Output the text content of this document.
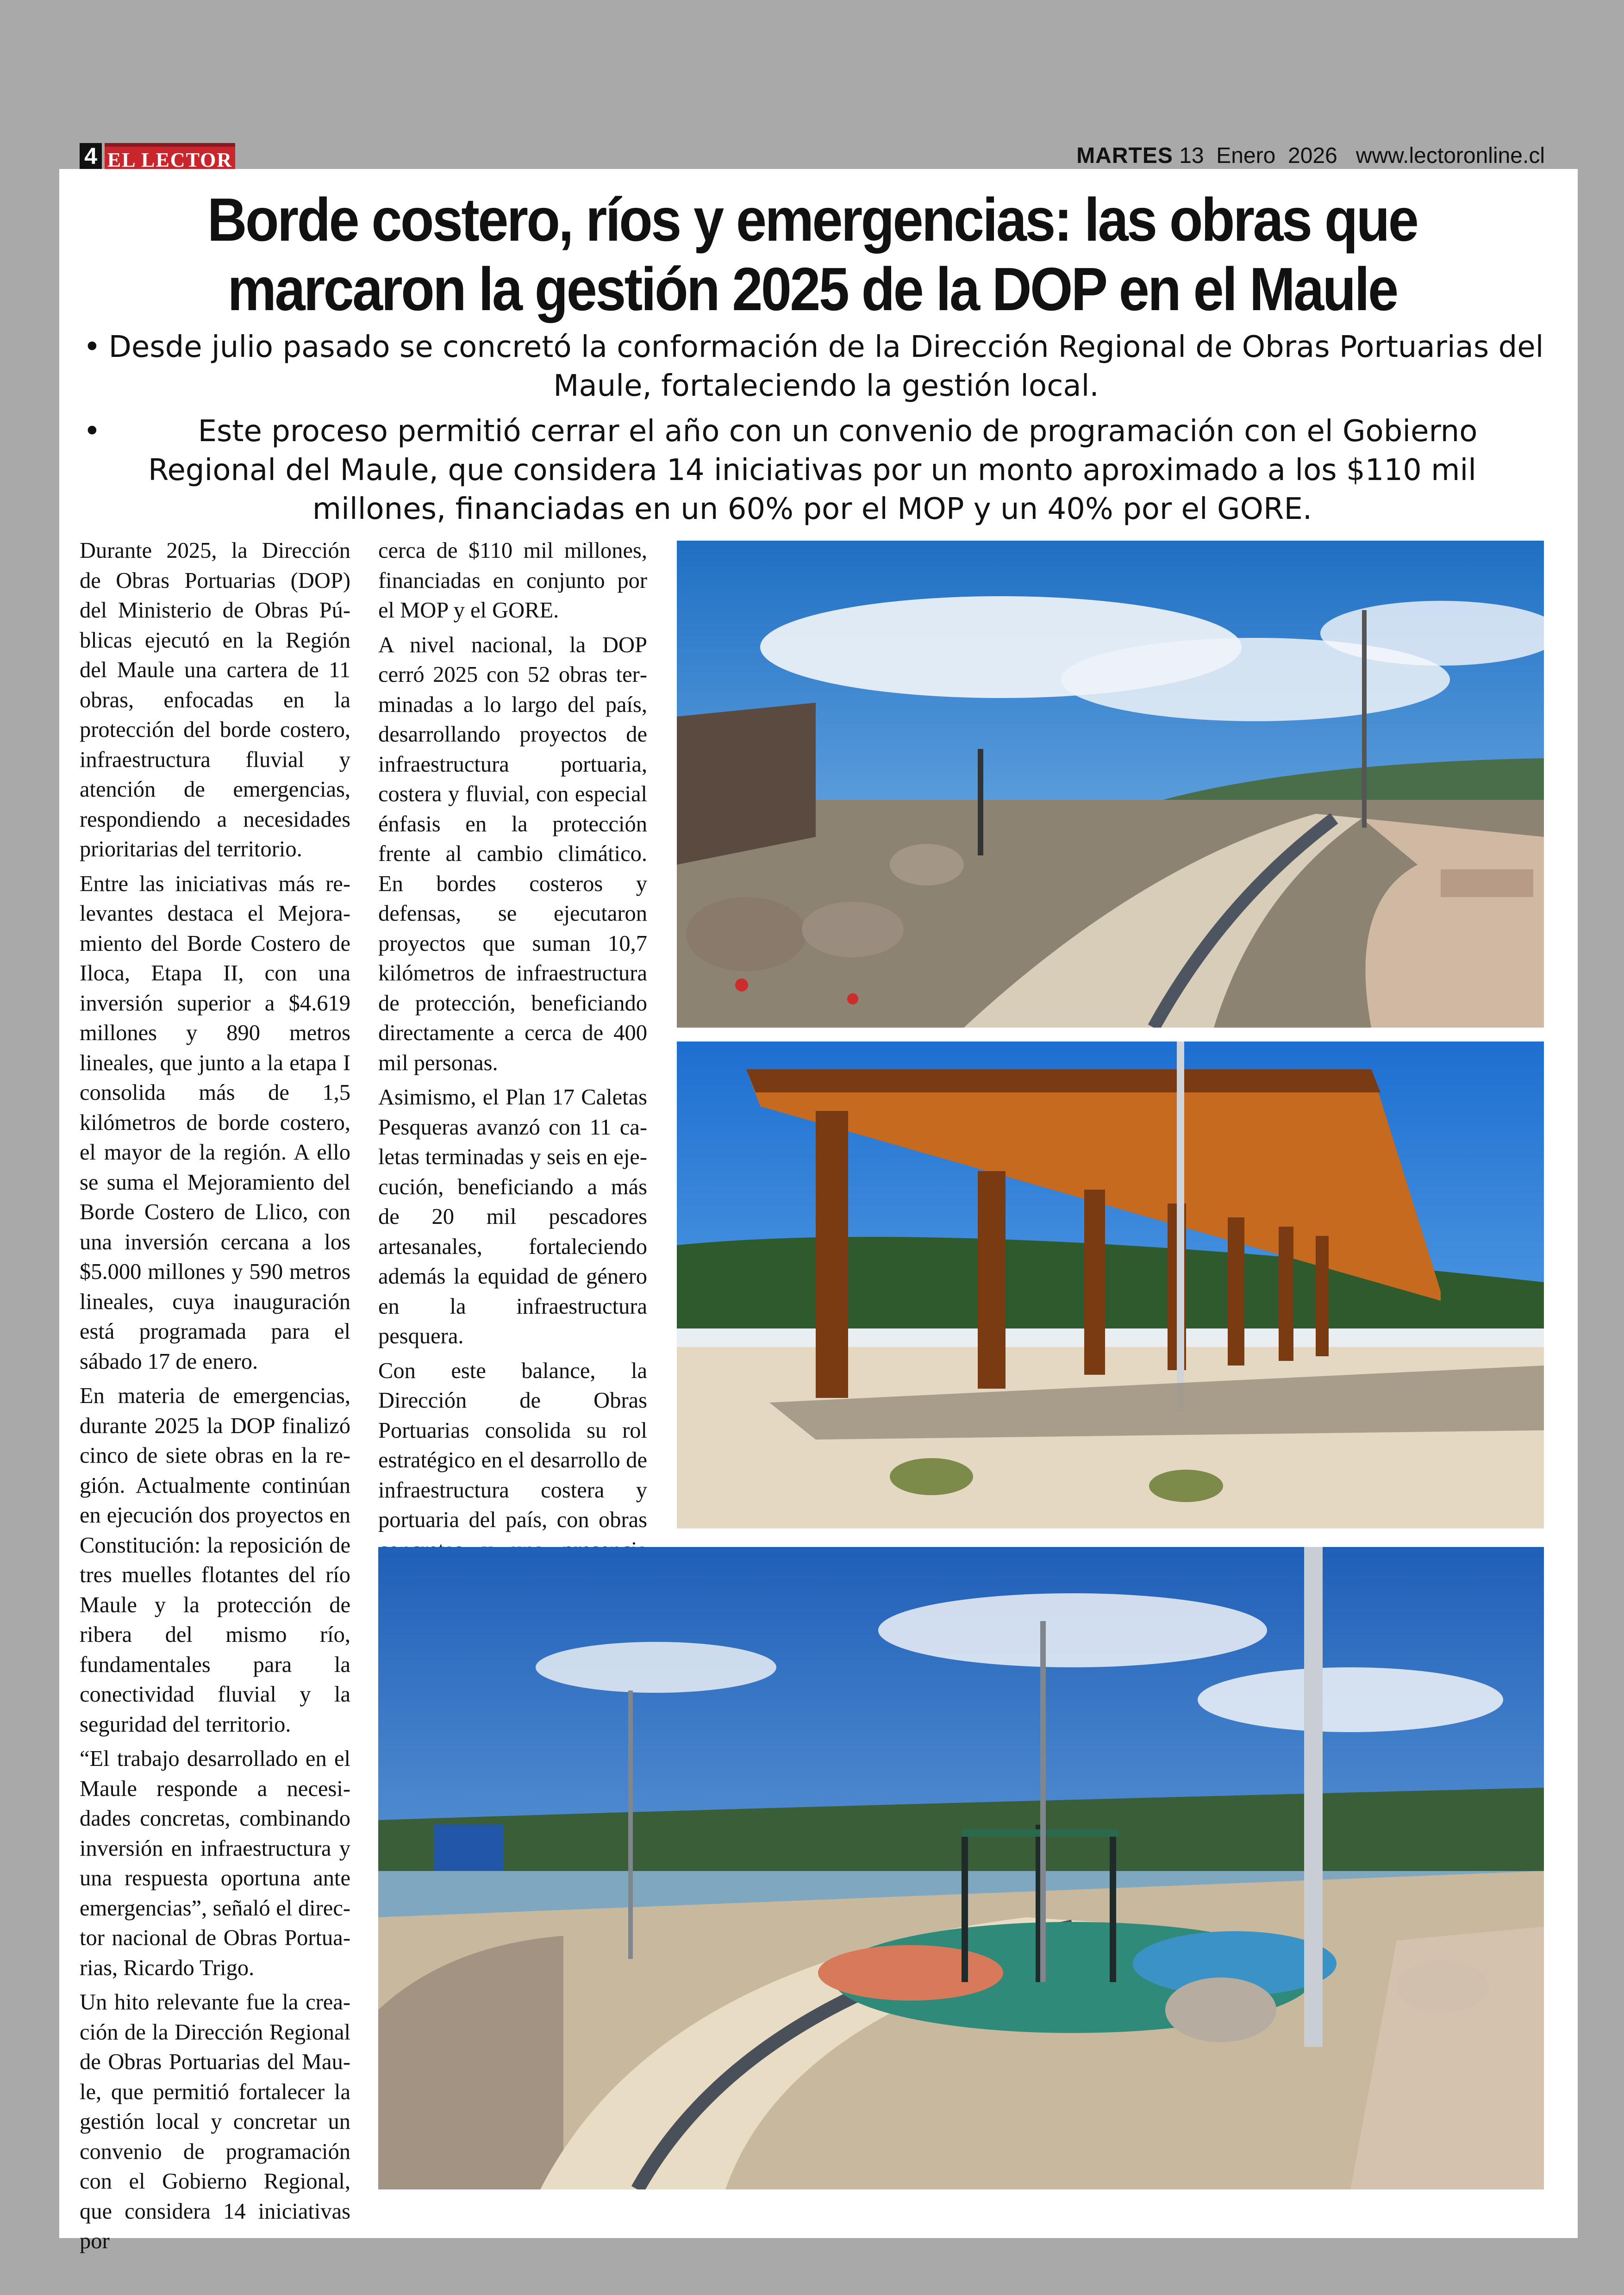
4 EL LECTOR	MARTES 13  Enero  2026 www.lectoronline.cl
Borde costero, ríos y emergencias: las obras que
marcaron la gestión 2025 de la DOP en el Maule
• Desde julio pasado se concretó la conformación de la Dirección Regional de Obras Portuarias del Maule, fortaleciendo la gestión local.
•	Este proceso permitió cerrar el año con un convenio de programación con el Gobierno Regional del Maule, que considera 14 iniciativas por un monto aproximado a los $110 mil millones, financiadas en un 60% por el MOP y un 40% por el GORE.

Durante 2025, la Dirección de Obras Portuarias (DOP) del Ministerio de Obras Públicas ejecutó en la Región del Maule una cartera de 11 obras, enfocadas en la protección del borde costero, infraestructura fluvial y atención de emergencias, respondiendo a necesidades prioritarias del territorio.

Entre las iniciativas más relevantes destaca el Mejoramiento del Borde Costero de Iloca, Etapa II, con una inversión superior a $4.619 millones y 890 metros lineales, que junto a la etapa I consolida más de 1,5 kilómetros de borde costero, el mayor de la región. A ello se suma el Mejoramiento del Borde Costero de Llico, con una inversión cercana a los $5.000 millones y 590 metros lineales, cuya inauguración está programada para el sábado 17 de enero.

En materia de emergencias, durante 2025 la DOP finalizó cinco de siete obras en la región. Actualmente continúan en ejecución dos proyectos en Constitución: la reposición de tres muelles flotantes del río Maule y la protección de ribera del mismo río, fundamentales para la conectividad fluvial y la seguridad del territorio.

“El trabajo desarrollado en el Maule responde a necesidades concretas, combinando inversión en infraestructura y una respuesta oportuna ante emergencias”, señaló el director nacional de Obras Portuarias, Ricardo Trigo.

Un hito relevante fue la creación de la Dirección Regional de Obras Portuarias del Maule, que permitió fortalecer la gestión local y concretar un convenio de programación con el Gobierno Regional, que considera 14 iniciativas por

cerca de $110 mil millones, financiadas en conjunto por el MOP y el GORE.

A nivel nacional, la DOP cerró 2025 con 52 obras terminadas a lo largo del país, desarrollando proyectos de infraestructura portuaria, costera y fluvial, con especial énfasis en la protección frente al cambio climático. En bordes costeros y defensas, se ejecutaron proyectos que suman 10,7 kilómetros de infraestructura de protección, beneficiando directamente a cerca de 400 mil personas.

Asimismo, el Plan 17 Caletas Pesqueras avanzó con 11 caletas terminadas y seis en ejecución, beneficiando a más de 20 mil pescadores artesanales, fortaleciendo además la equidad de género en la infraestructura pesquera.

Con este balance, la Dirección de Obras Portuarias consolida su rol estratégico en el desarrollo de infraestructura costera y portuaria del país, con obras
